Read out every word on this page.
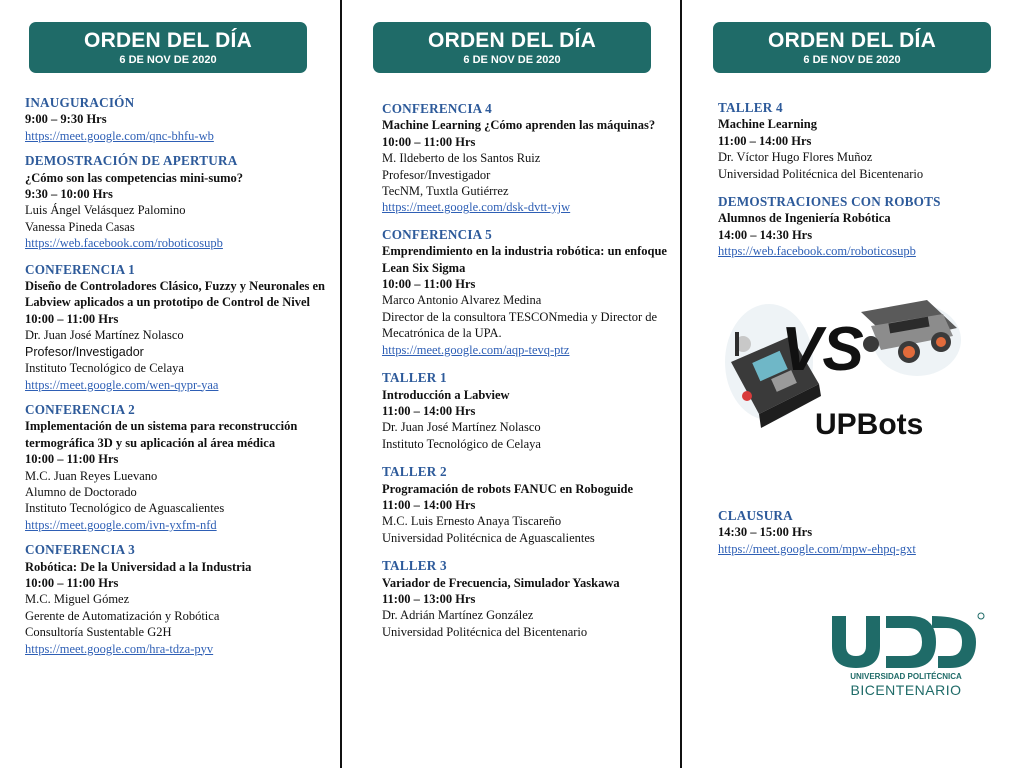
ORDEN DEL DÍA
6 DE NOV DE 2020
INAUGURACIÓN
9:00 – 9:30 Hrs
https://meet.google.com/qnc-bhfu-wb
DEMOSTRACIÓN DE APERTURA
¿Cómo son las competencias mini-sumo?
9:30 – 10:00 Hrs
Luis Ángel Velásquez Palomino
Vanessa Pineda Casas
https://web.facebook.com/roboticosupb
CONFERENCIA 1
Diseño de Controladores Clásico, Fuzzy y Neuronales en Labview aplicados a un prototipo de Control de Nivel
10:00 – 11:00 Hrs
Dr. Juan José Martínez Nolasco
Profesor/Investigador
Instituto Tecnológico de Celaya
https://meet.google.com/wen-qypr-yaa
CONFERENCIA 2
Implementación de un sistema para reconstrucción termográfica 3D y su aplicación al área médica
10:00 – 11:00 Hrs
M.C. Juan Reyes Luevano
Alumno de Doctorado
Instituto Tecnológico de Aguascalientes
https://meet.google.com/ivn-yxfm-nfd
CONFERENCIA 3
Robótica: De la Universidad a la Industria
10:00 – 11:00 Hrs
M.C. Miguel Gómez
Gerente de Automatización y Robótica
Consultoría Sustentable G2H
https://meet.google.com/hra-tdza-pyv
ORDEN DEL DÍA
6 DE NOV DE 2020
CONFERENCIA 4
Machine Learning ¿Cómo aprenden las máquinas?
10:00 – 11:00 Hrs
M. Ildeberto de los Santos Ruiz
Profesor/Investigador
TecNM, Tuxtla Gutiérrez
https://meet.google.com/dsk-dvtt-yjw
CONFERENCIA 5
Emprendimiento en la industria robótica: un enfoque Lean Six Sigma
10:00 – 11:00 Hrs
Marco Antonio Alvarez Medina
Director de la consultora TESCONmedia y Director de Mecatrónica de la UPA.
https://meet.google.com/aqp-tevq-ptz
TALLER 1
Introducción a Labview
11:00 – 14:00 Hrs
Dr. Juan José Martínez Nolasco
Instituto Tecnológico de Celaya
TALLER 2
Programación de robots FANUC en Roboguide
11:00 – 14:00 Hrs
M.C. Luis Ernesto Anaya Tiscareño
Universidad Politécnica de Aguascalientes
TALLER 3
Variador de Frecuencia, Simulador Yaskawa
11:00 – 13:00 Hrs
Dr. Adrián Martínez González
Universidad Politécnica del Bicentenario
ORDEN DEL DÍA
6 DE NOV DE 2020
TALLER 4
Machine Learning
11:00 – 14:00 Hrs
Dr. Víctor Hugo Flores Muñoz
Universidad Politécnica del Bicentenario
DEMOSTRACIONES CON ROBOTS
Alumnos de Ingeniería Robótica
14:00 – 14:30 Hrs
https://web.facebook.com/roboticosupb
CLAUSURA
14:30 – 15:00 Hrs
https://meet.google.com/mpw-ehpq-gxt
VS
UPBots
UNIVERSIDAD POLITÉCNICA
BICENTENARIO
